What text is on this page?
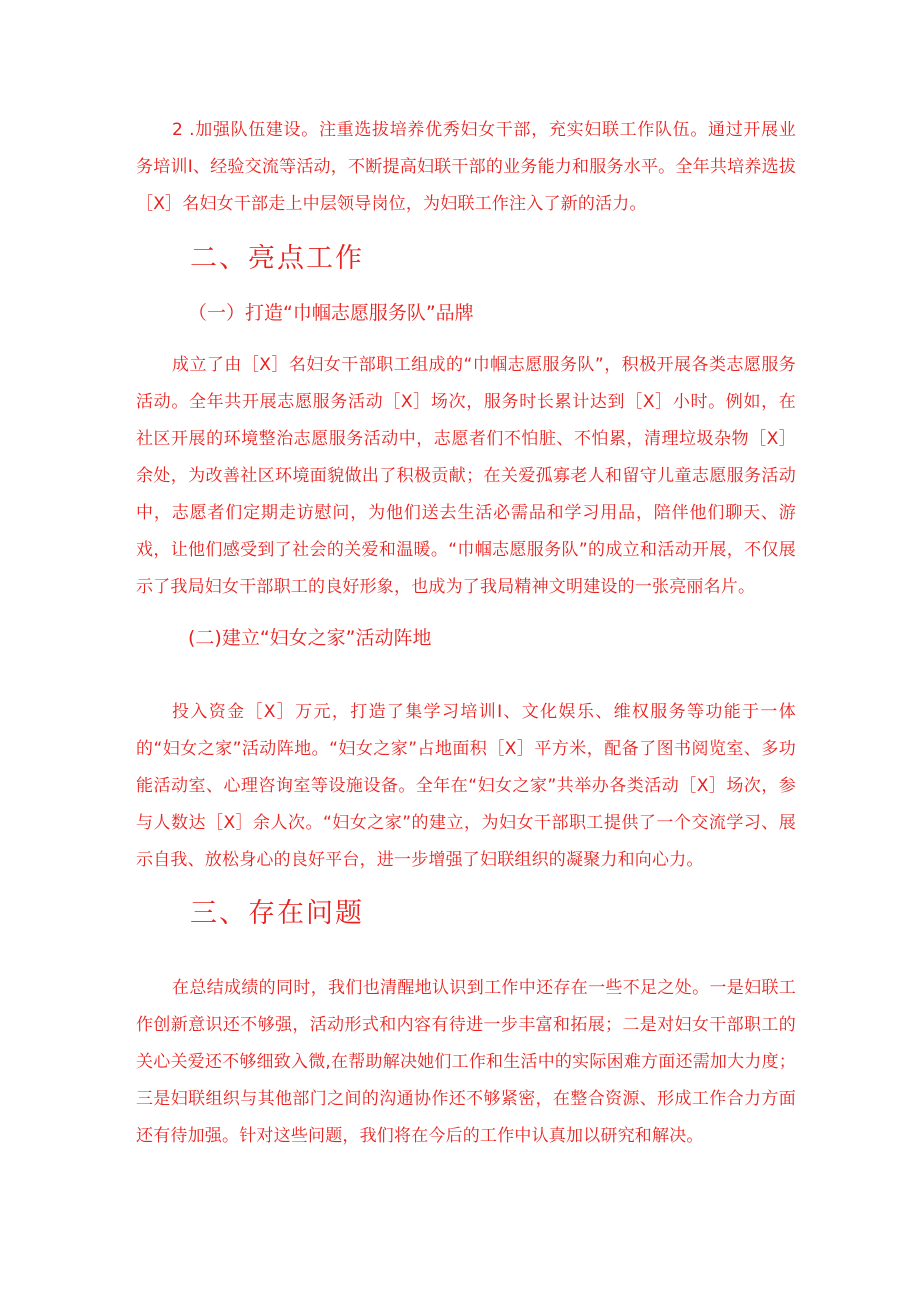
2 .加强队伍建设。注重选拔培养优秀妇女干部，充实妇联工作队伍。通过开展业务培训I、经验交流等活动，不断提高妇联干部的业务能力和服务水平。全年共培养选拔［X］名妇女干部走上中层领导岗位，为妇联工作注入了新的活力。

二、亮点工作
（一）打造“巾帼志愿服务队”品牌

成立了由［X］名妇女干部职工组成的“巾帼志愿服务队”，积极开展各类志愿服务活动。全年共开展志愿服务活动［X］场次，服务时长累计达到［X］小时。例如，在社区开展的环境整治志愿服务活动中，志愿者们不怕脏、不怕累，清理垃圾杂物［X］余处，为改善社区环境面貌做出了积极贡献；在关爱孤寡老人和留守儿童志愿服务活动中，志愿者们定期走访慰问，为他们送去生活必需品和学习用品，陪伴他们聊天、游戏，让他们感受到了社会的关爱和温暖。“巾帼志愿服务队”的成立和活动开展，不仅展示了我局妇女干部职工的良好形象，也成为了我局精神文明建设的一张亮丽名片。

(二)建立“妇女之家”活动阵地

投入资金［X］万元，打造了集学习培训I、文化娱乐、维权服务等功能于一体的“妇女之家”活动阵地。“妇女之家”占地面积［X］平方米，配备了图书阅览室、多功能活动室、心理咨询室等设施设备。全年在“妇女之家”共举办各类活动［X］场次，参与人数达［X］余人次。“妇女之家”的建立，为妇女干部职工提供了一个交流学习、展示自我、放松身心的良好平台，进一步增强了妇联组织的凝聚力和向心力。

三、存在问题

在总结成绩的同时，我们也清醒地认识到工作中还存在一些不足之处。一是妇联工作创新意识还不够强，活动形式和内容有待进一步丰富和拓展；二是对妇女干部职工的关心关爱还不够细致入微,在帮助解决她们工作和生活中的实际困难方面还需加大力度；三是妇联组织与其他部门之间的沟通协作还不够紧密，在整合资源、形成工作合力方面还有待加强。针对这些问题，我们将在今后的工作中认真加以研究和解决。
